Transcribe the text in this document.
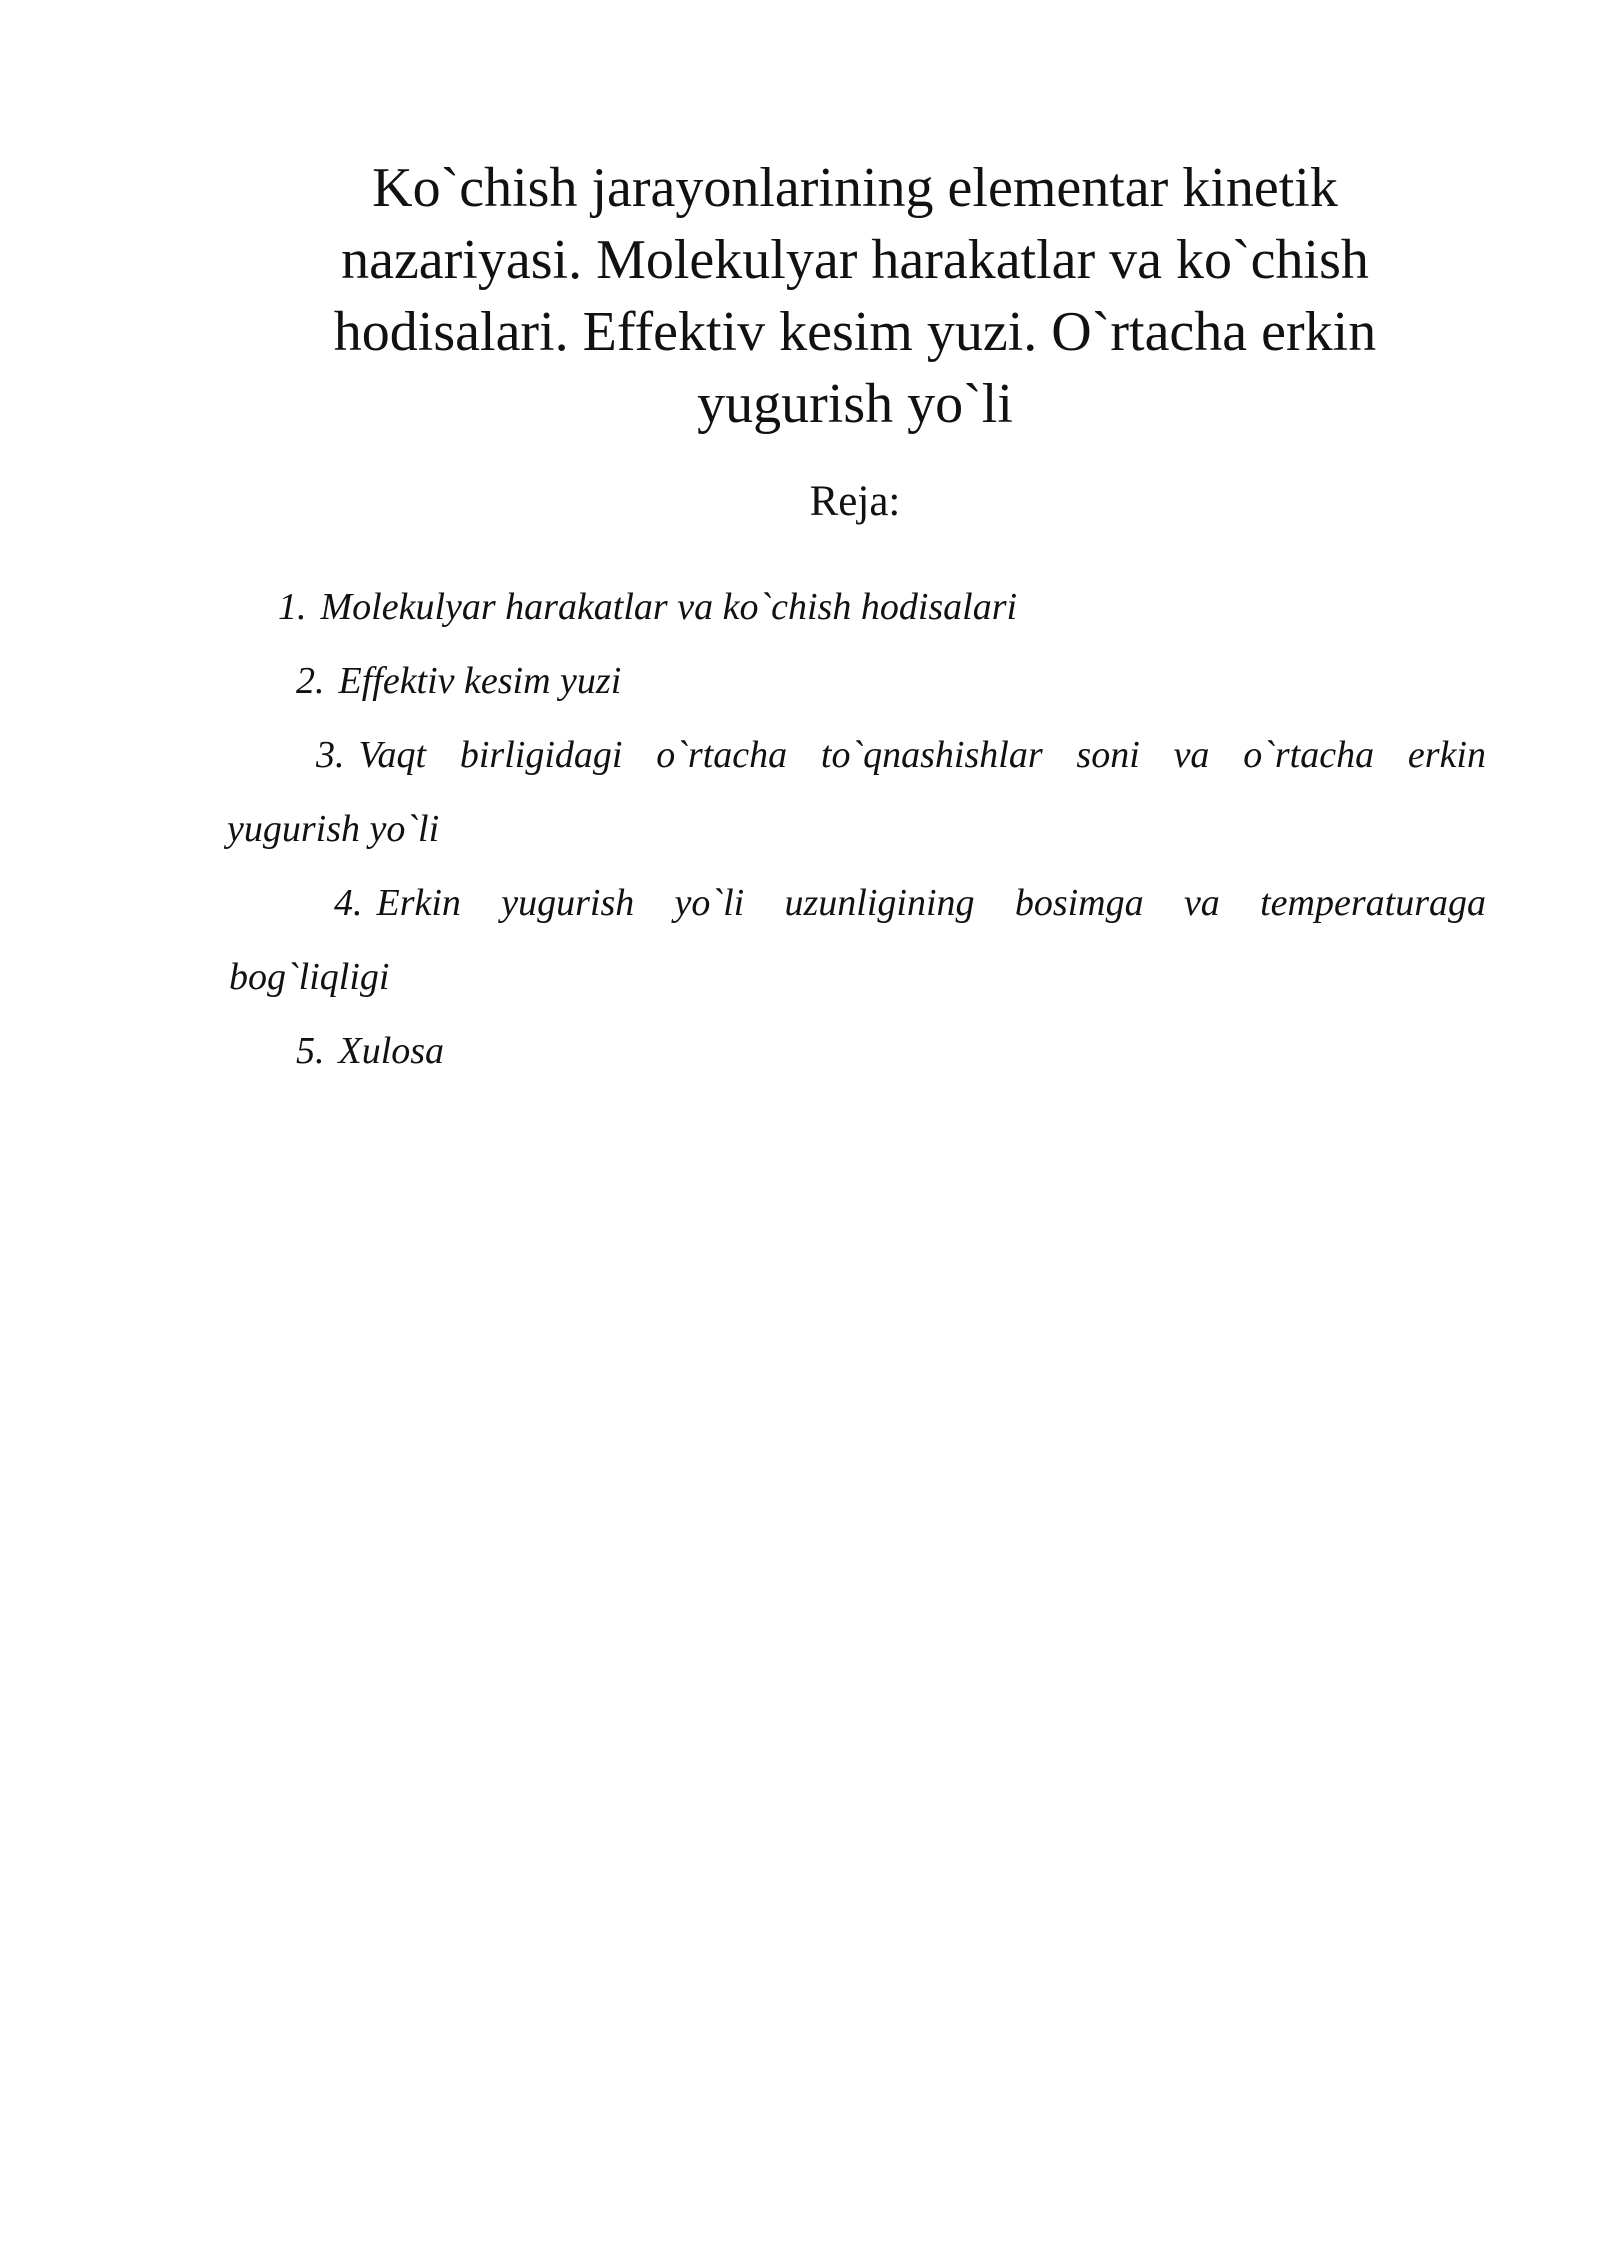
Ko`chish jarayonlarining elementar kinetik
nazariyasi. Molekulyar harakatlar va ko`chish
hodisalari. Effektiv kesim yuzi. O`rtacha erkin
yugurish yo`li
Reja:
1. Molekulyar harakatlar va ko`chish hodisalari
2. Effektiv kesim yuzi
3. Vaqt birligidagi o`rtacha to`qnashishlar soni va o`rtacha erkin
yugurish yo`li
4. Erkin yugurish yo`li uzunligining bosimga va temperaturaga
bog`liqligi
5. Xulosa
